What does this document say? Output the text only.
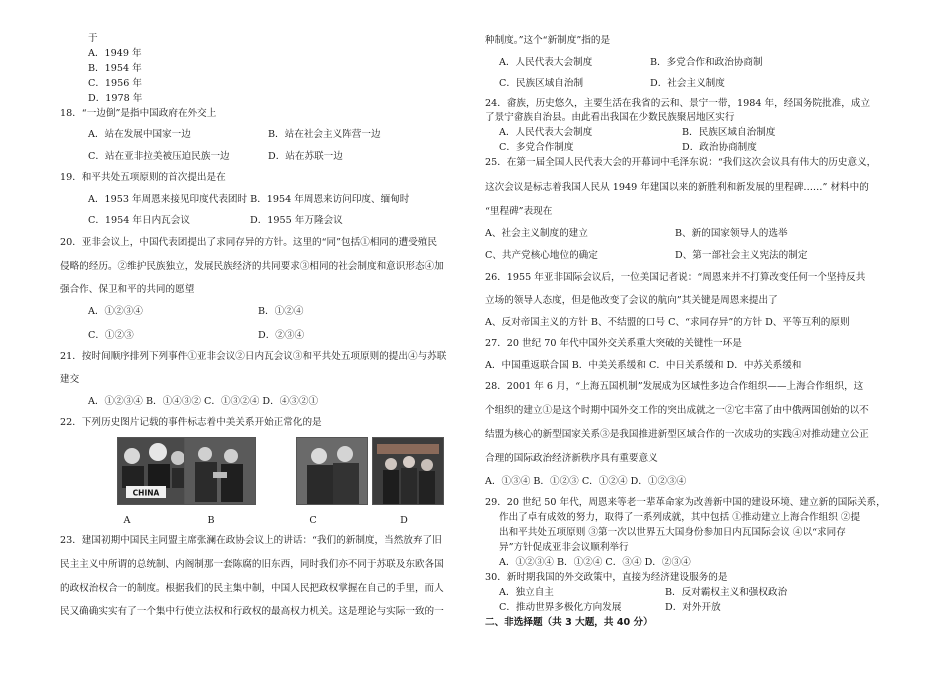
于
A．1949 年
B．1954 年
C．1956 年
D．1978 年
18．“一边倒”是指中国政府在外交上
A．站在发展中国家一边	B．站在社会主义阵营一边
C．站在亚非拉美被压迫民族一边	D．站在苏联一边
19．和平共处五项原则的首次提出是在
A．1953 年周恩来接见印度代表团时 B．1954 年周恩来访问印度、缅甸时
C．1954 年日内瓦会议	D．1955 年万隆会议
20．亚非会议上，中国代表团提出了求同存异的方针。这里的“同”包括①相同的遭受殖民
侵略的经历。②维护民族独立，发展民族经济的共同要求③相同的社会制度和意识形态④加
强合作、保卫和平的共同的愿望
A．①②③④	B．①②④
C．①②③	D．②③④
21．按时间顺序排列下列事件①亚非会议②日内瓦会议③和平共处五项原则的提出④与苏联
建交
A．①②③④ B．①④③② C．①③②④ D．④③②①
22．下列历史图片记载的事件标志着中美关系开始正常化的是
CHINA
A	B	C	D
23．建国初期中国民主同盟主席张澜在政协会议上的讲话：“我们的新制度，当然放弃了旧
民主主义中所谓的总统制、内阁制那一套陈腐的旧东西，同时我们亦不同于苏联及东欧各国
的政权治权合一的制度。根据我们的民主集中制，中国人民把政权掌握在自己的手里，而人
民又确确实实有了一个集中行使立法权和行政权的最高权力机关。这是理论与实际一致的一
种制度。”这个“新制度”指的是
A．人民代表大会制度	B．多党合作和政治协商制
C．民族区域自治制	D．社会主义制度
24．畲族，历史悠久，主要生活在我省的云和、景宁一带，1984 年，经国务院批准，成立
了景宁畲族自治县。由此看出我国在少数民族聚居地区实行
A．人民代表大会制度	B．民族区域自治制度
C．多党合作制度	D．政治协商制度
25．在第一届全国人民代表大会的开幕词中毛泽东说：“我们这次会议具有伟大的历史意义，
这次会议是标志着我国人民从 1949 年建国以来的新胜利和新发展的里程碑……” 材料中的
“里程碑”表现在
A、社会主义制度的建立	B、新的国家领导人的选举
C、共产党核心地位的确定	D、第一部社会主义宪法的制定
26．1955 年亚非国际会议后，一位美国记者说：“周恩来并不打算改变任何一个坚持反共
立场的领导人态度，但是他改变了会议的航向”其关键是周恩来提出了
A、反对帝国主义的方针 B、不结盟的口号 C、“求同存异”的方针 D、平等互利的原则
27．20 世纪 70 年代中国外交关系重大突破的关键性一环是
A．中国重返联合国 B．中美关系缓和 C．中日关系缓和 D．中苏关系缓和
28．2001 年 6 月，“上海五国机制”发展成为区域性多边合作组织——上海合作组织，这
个组织的建立①是这个时期中国外交工作的突出成就之一②它丰富了由中俄两国创始的以不
结盟为核心的新型国家关系③是我国推进新型区域合作的一次成功的实践④对推动建立公正
合理的国际政治经济新秩序具有重要意义
A．①③④ B．①②③ C．①②④ D．①②③④
29．20 世纪 50 年代，周恩来等老一辈革命家为改善新中国的建设环境、建立新的国际关系，
作出了卓有成效的努力，取得了一系列成就，其中包括 ①推动建立上海合作组织 ②提
出和平共处五项原则 ③第一次以世界五大国身份参加日内瓦国际会议 ④以“求同存
异”方针促成亚非会议顺利举行
A．①②③④ B．①②④ C．③④ D．②③④
30．新时期我国的外交政策中，直接为经济建设服务的是
A．独立自主	B．反对霸权主义和强权政治
C．推动世界多极化方向发展	D．对外开放
二、非选择题（共 3 大题，共 40 分）
